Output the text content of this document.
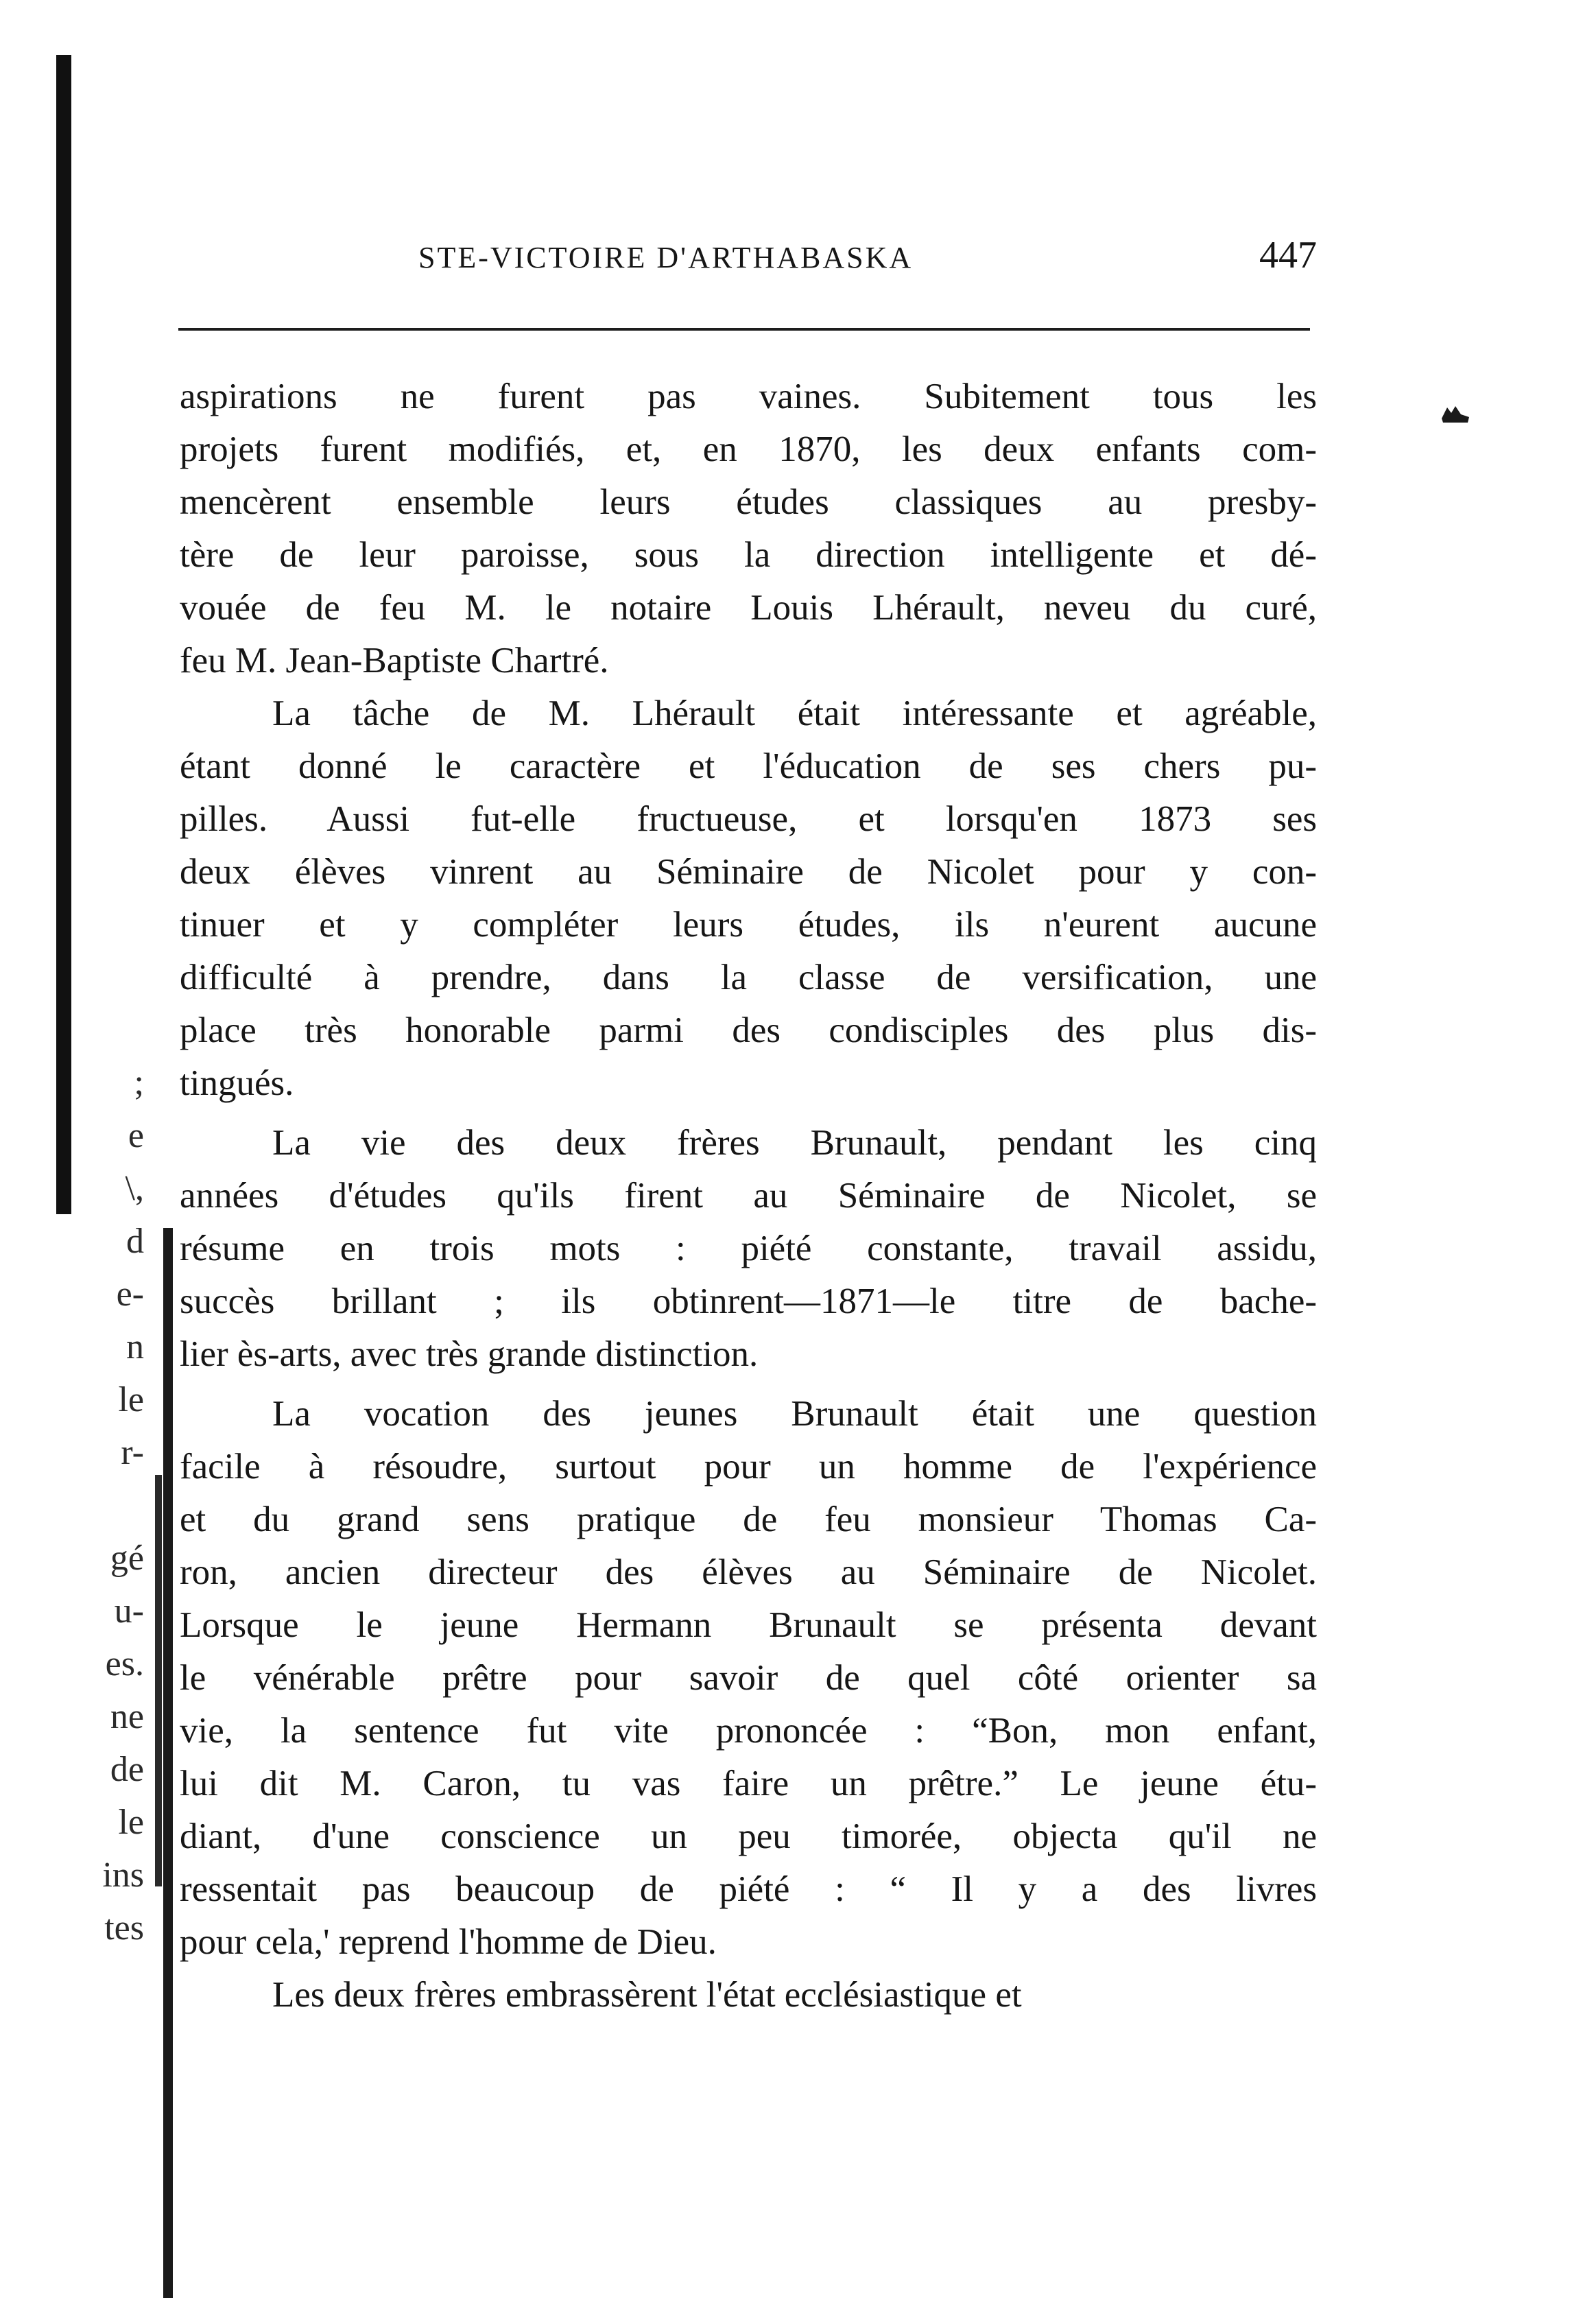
;
e
\,
d
e-
n
le
r-
gé
u-
es.
ne
de
le
ins
tes
STE-VICTOIRE D'ARTHABASKA	447
aspirations ne furent pas vaines. Subitement tous les
projets furent modifiés, et, en 1870, les deux enfants com-
mencèrent ensemble leurs études classiques au presby-
tère de leur paroisse, sous la direction intelligente et dé-
vouée de feu M. le notaire Louis Lhérault, neveu du curé,
feu M. Jean-Baptiste Chartré.
La tâche de M. Lhérault était intéressante et agréable,
étant donné le caractère et l'éducation de ses chers pu-
pilles. Aussi fut-elle fructueuse, et lorsqu'en 1873 ses
deux élèves vinrent au Séminaire de Nicolet pour y con-
tinuer et y compléter leurs études, ils n'eurent aucune
difficulté à prendre, dans la classe de versification, une
place très honorable parmi des condisciples des plus dis-
tingués.
La vie des deux frères Brunault, pendant les cinq
années d'études qu'ils firent au Séminaire de Nicolet, se
résume en trois mots : piété constante, travail assidu,
succès brillant ; ils obtinrent—1871—le titre de bache-
lier ès-arts, avec très grande distinction.
La vocation des jeunes Brunault était une question
facile à résoudre, surtout pour un homme de l'expérience
et du grand sens pratique de feu monsieur Thomas Ca-
ron, ancien directeur des élèves au Séminaire de Nicolet.
Lorsque le jeune Hermann Brunault se présenta devant
le vénérable prêtre pour savoir de quel côté orienter sa
vie, la sentence fut vite prononcée : “Bon, mon enfant,
lui dit M. Caron, tu vas faire un prêtre.” Le jeune étu-
diant, d'une conscience un peu timorée, objecta qu'il ne
ressentait pas beaucoup de piété : “ Il y a des livres
pour cela,' reprend l'homme de Dieu.
Les deux frères embrassèrent l'état ecclésiastique et
